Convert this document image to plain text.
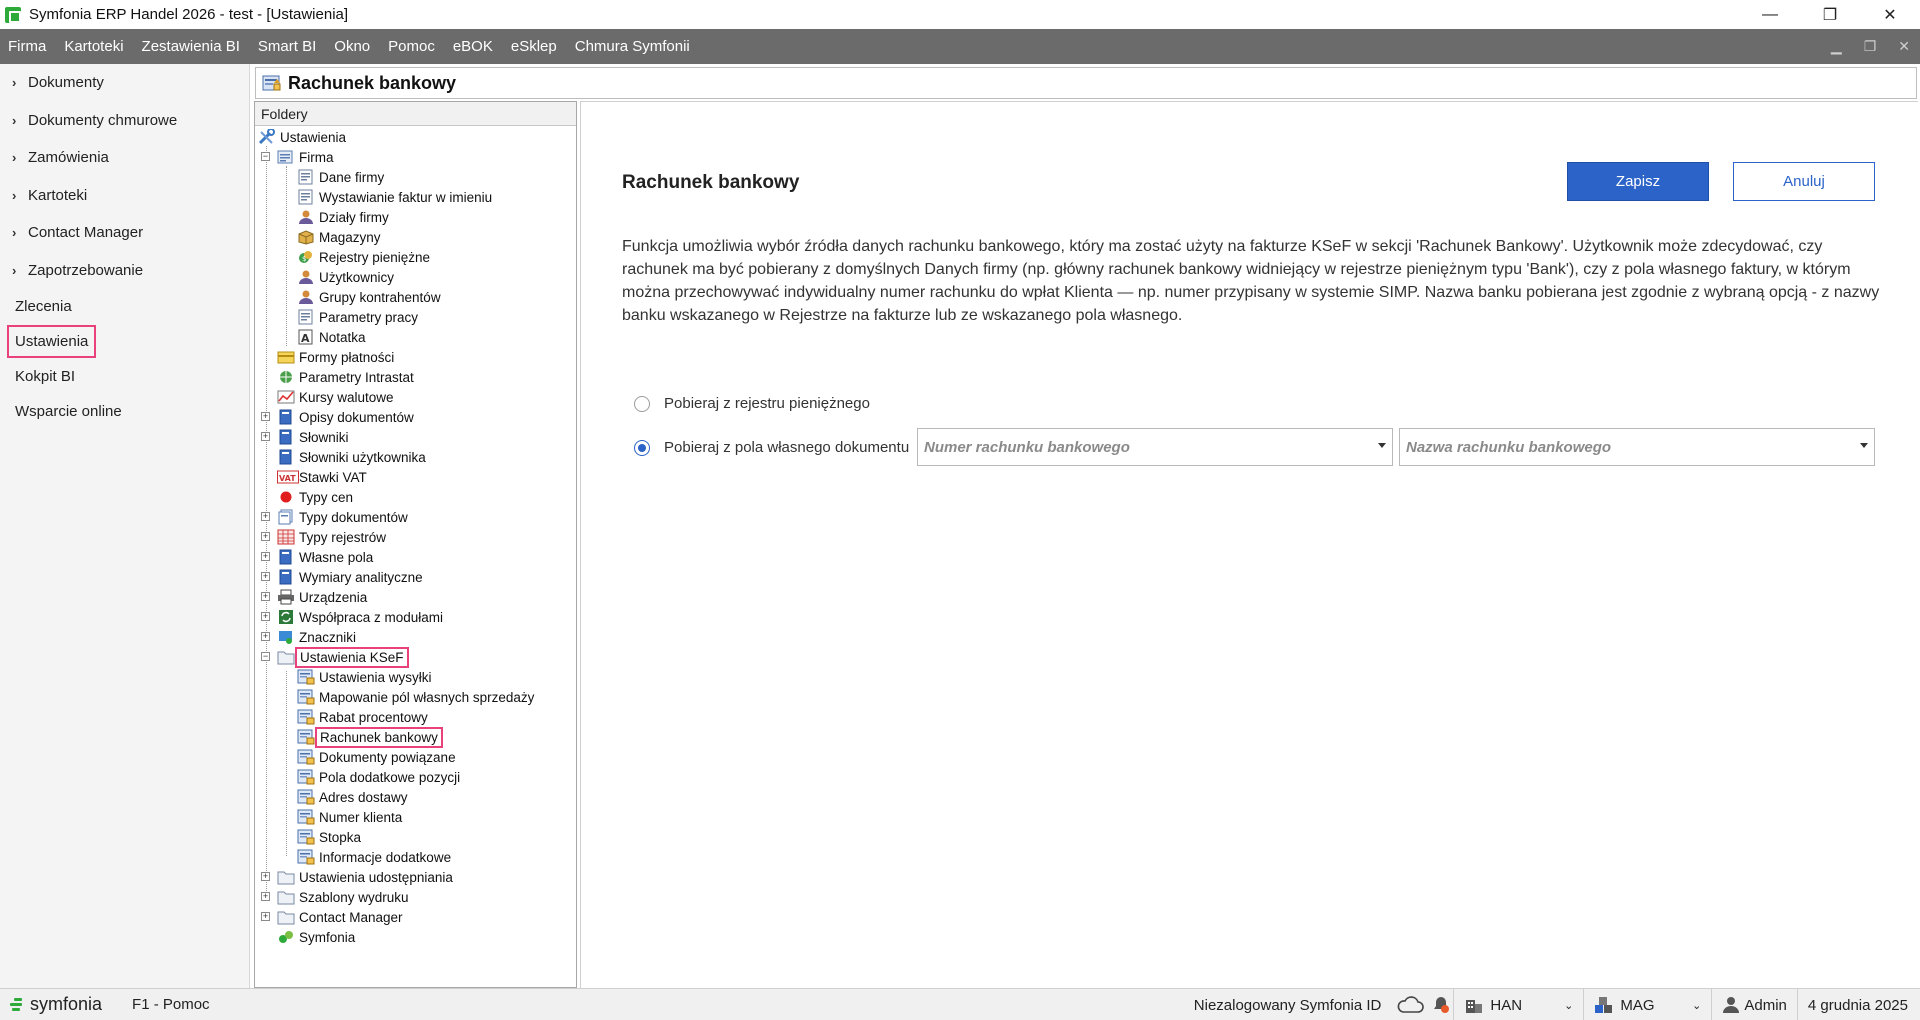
Symfonia ERP Handel 2026 - test - [Ustawienia]	—	❐	✕
Firma	Kartoteki	Zestawienia BI	Smart BI	Okno	Pomoc	eBOK	eSklep	Chmura Symfonii	▁ ❐ ✕
› Dokumenty
› Dokumenty chmurowe
› Zamówienia
› Kartoteki
› Contact Manager
› Zapotrzebowanie
Zlecenia
Ustawienia
Kokpit BI
Wsparcie online
Rachunek bankowy
Foldery
Ustawienia
− Firma
Dane firmy
Wystawianie faktur w imieniu
Działy firmy
Magazyny
$ Rejestry pieniężne
Użytkownicy
Grupy kontrahentów
Parametry pracy
A Notatka
Formy płatności
Parametry Intrastat
Kursy walutowe
+ Opisy dokumentów
+ Słowniki
Słowniki użytkownika
VAT Stawki VAT
Typy cen
+ Typy dokumentów
+ Typy rejestrów
+ Własne pola
+ Wymiary analityczne
+ Urządzenia
+ Współpraca z modułami
+ Znaczniki
−	Ustawienia KSeF
Ustawienia wysyłki
Mapowanie pól własnych sprzedaży
Rabat procentowy
Rachunek bankowy
Dokumenty powiązane
Pola dodatkowe pozycji
Adres dostawy
Numer klienta
Stopka
Informacje dodatkowe
+ Ustawienia udostępniania
+ Szablony wydruku
+ Contact Manager
Symfonia
Rachunek bankowy	Zapisz	Anuluj
Funkcja umożliwia wybór źródła danych rachunku bankowego, który ma zostać użyty na fakturze KSeF w sekcji 'Rachunek Bankowy'. Użytkownik może zdecydować, czy rachunek ma być pobierany z domyślnych Danych firmy (np. główny rachunek bankowy widniejący w rejestrze pieniężnym typu 'Bank'), czy z pola własnego faktury, w którym można przechowywać indywidualny numer rachunku do wpłat Klienta — np. numer przypisany w systemie SIMP. Nazwa banku pobierana jest zgodnie z wybraną opcją - z nazwy banku wskazanego w Rejestrze na fakturze lub ze wskazanego pola własnego.
Pobieraj z rejestru pieniężnego
Pobieraj z pola własnego dokumentu Numer rachunku bankowego	Nazwa rachunku bankowego
symfonia F1 - Pomoc	Niezalogowany Symfonia ID	HAN	⌄	MAG	⌄	Admin	4 grudnia 2025
